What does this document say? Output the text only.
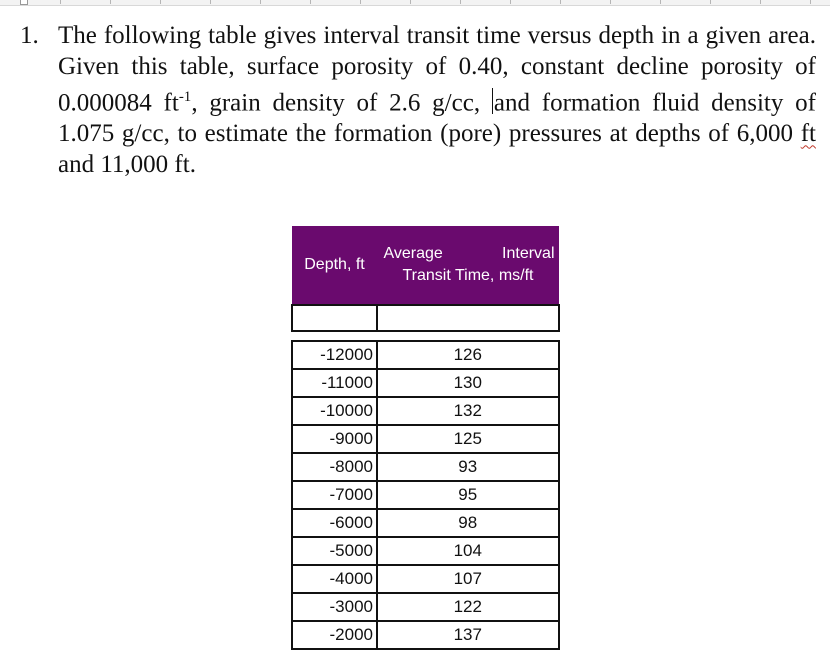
1. The following table gives interval transit time versus depth in a given area. Given this table, surface porosity of 0.40, constant decline porosity of 0.000084 $ft^{-1}$, grain density of 2.6 g/cc, and formation fluid density of 1.075 g/cc, to estimate the formation (pore) pressures at depths of 6,000 ft and 11,000 ft.
Depth, ft	Average Interval
Transit Time, ms/ft

-12000	126
-11000	130
-10000	132
-9000	125
-8000	93
-7000	95
-6000	98
-5000	104
-4000	107
-3000	122
-2000	137
